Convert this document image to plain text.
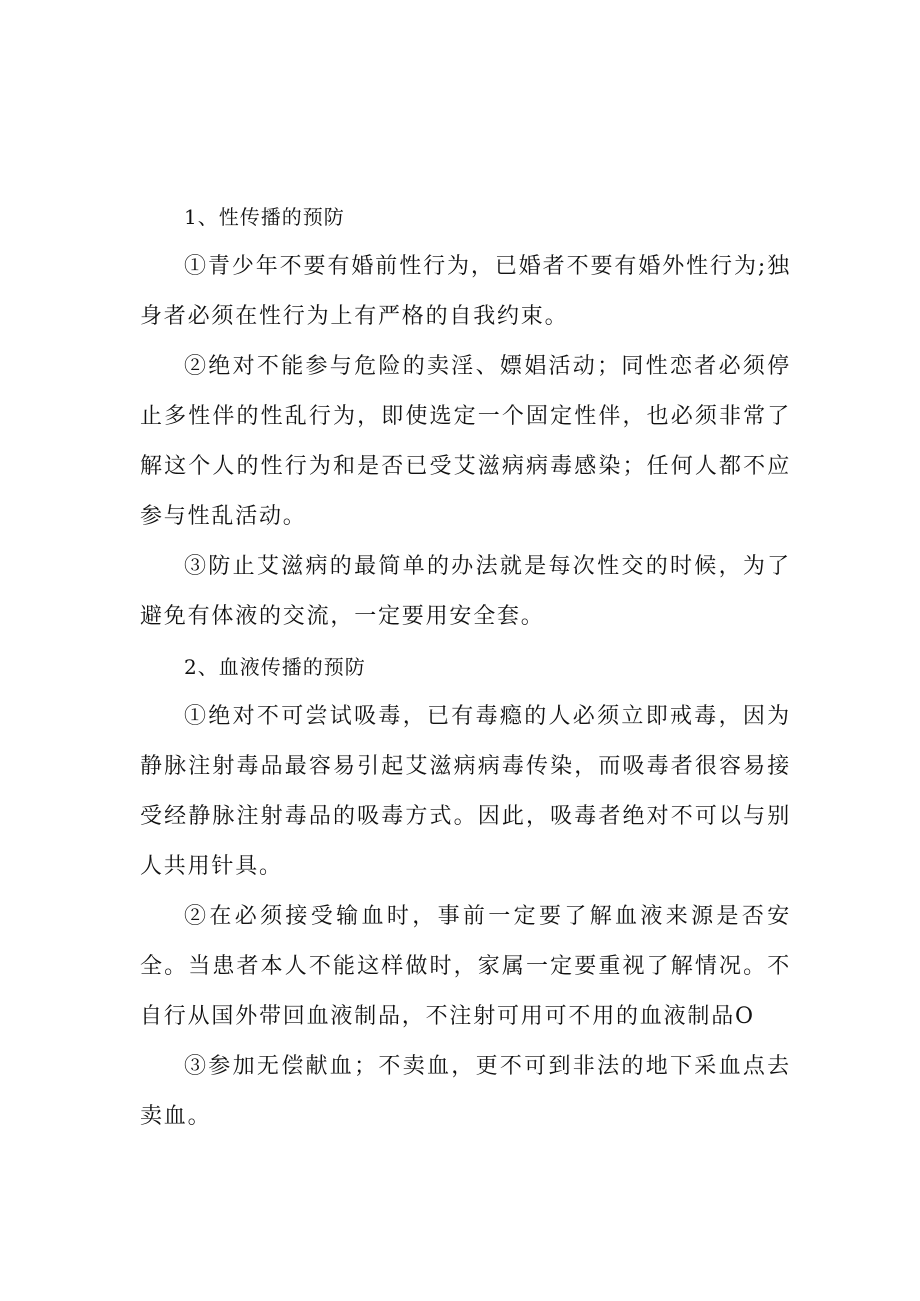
1、性传播的预防

①青少年不要有婚前性行为，已婚者不要有婚外性行为;独身者必须在性行为上有严格的自我约束。

②绝对不能参与危险的卖淫、嫖娼活动；同性恋者必须停止多性伴的性乱行为，即使选定一个固定性伴，也必须非常了解这个人的性行为和是否已受艾滋病病毒感染；任何人都不应参与性乱活动。

③防止艾滋病的最简单的办法就是每次性交的时候，为了避免有体液的交流，一定要用安全套。

2、血液传播的预防

①绝对不可尝试吸毒，已有毒瘾的人必须立即戒毒，因为静脉注射毒品最容易引起艾滋病病毒传染，而吸毒者很容易接受经静脉注射毒品的吸毒方式。因此，吸毒者绝对不可以与别人共用针具。

②在必须接受输血时，事前一定要了解血液来源是否安全。当患者本人不能这样做时，家属一定要重视了解情况。不自行从国外带回血液制品，不注射可用可不用的血液制品O

③参加无偿献血；不卖血，更不可到非法的地下采血点去卖血。
